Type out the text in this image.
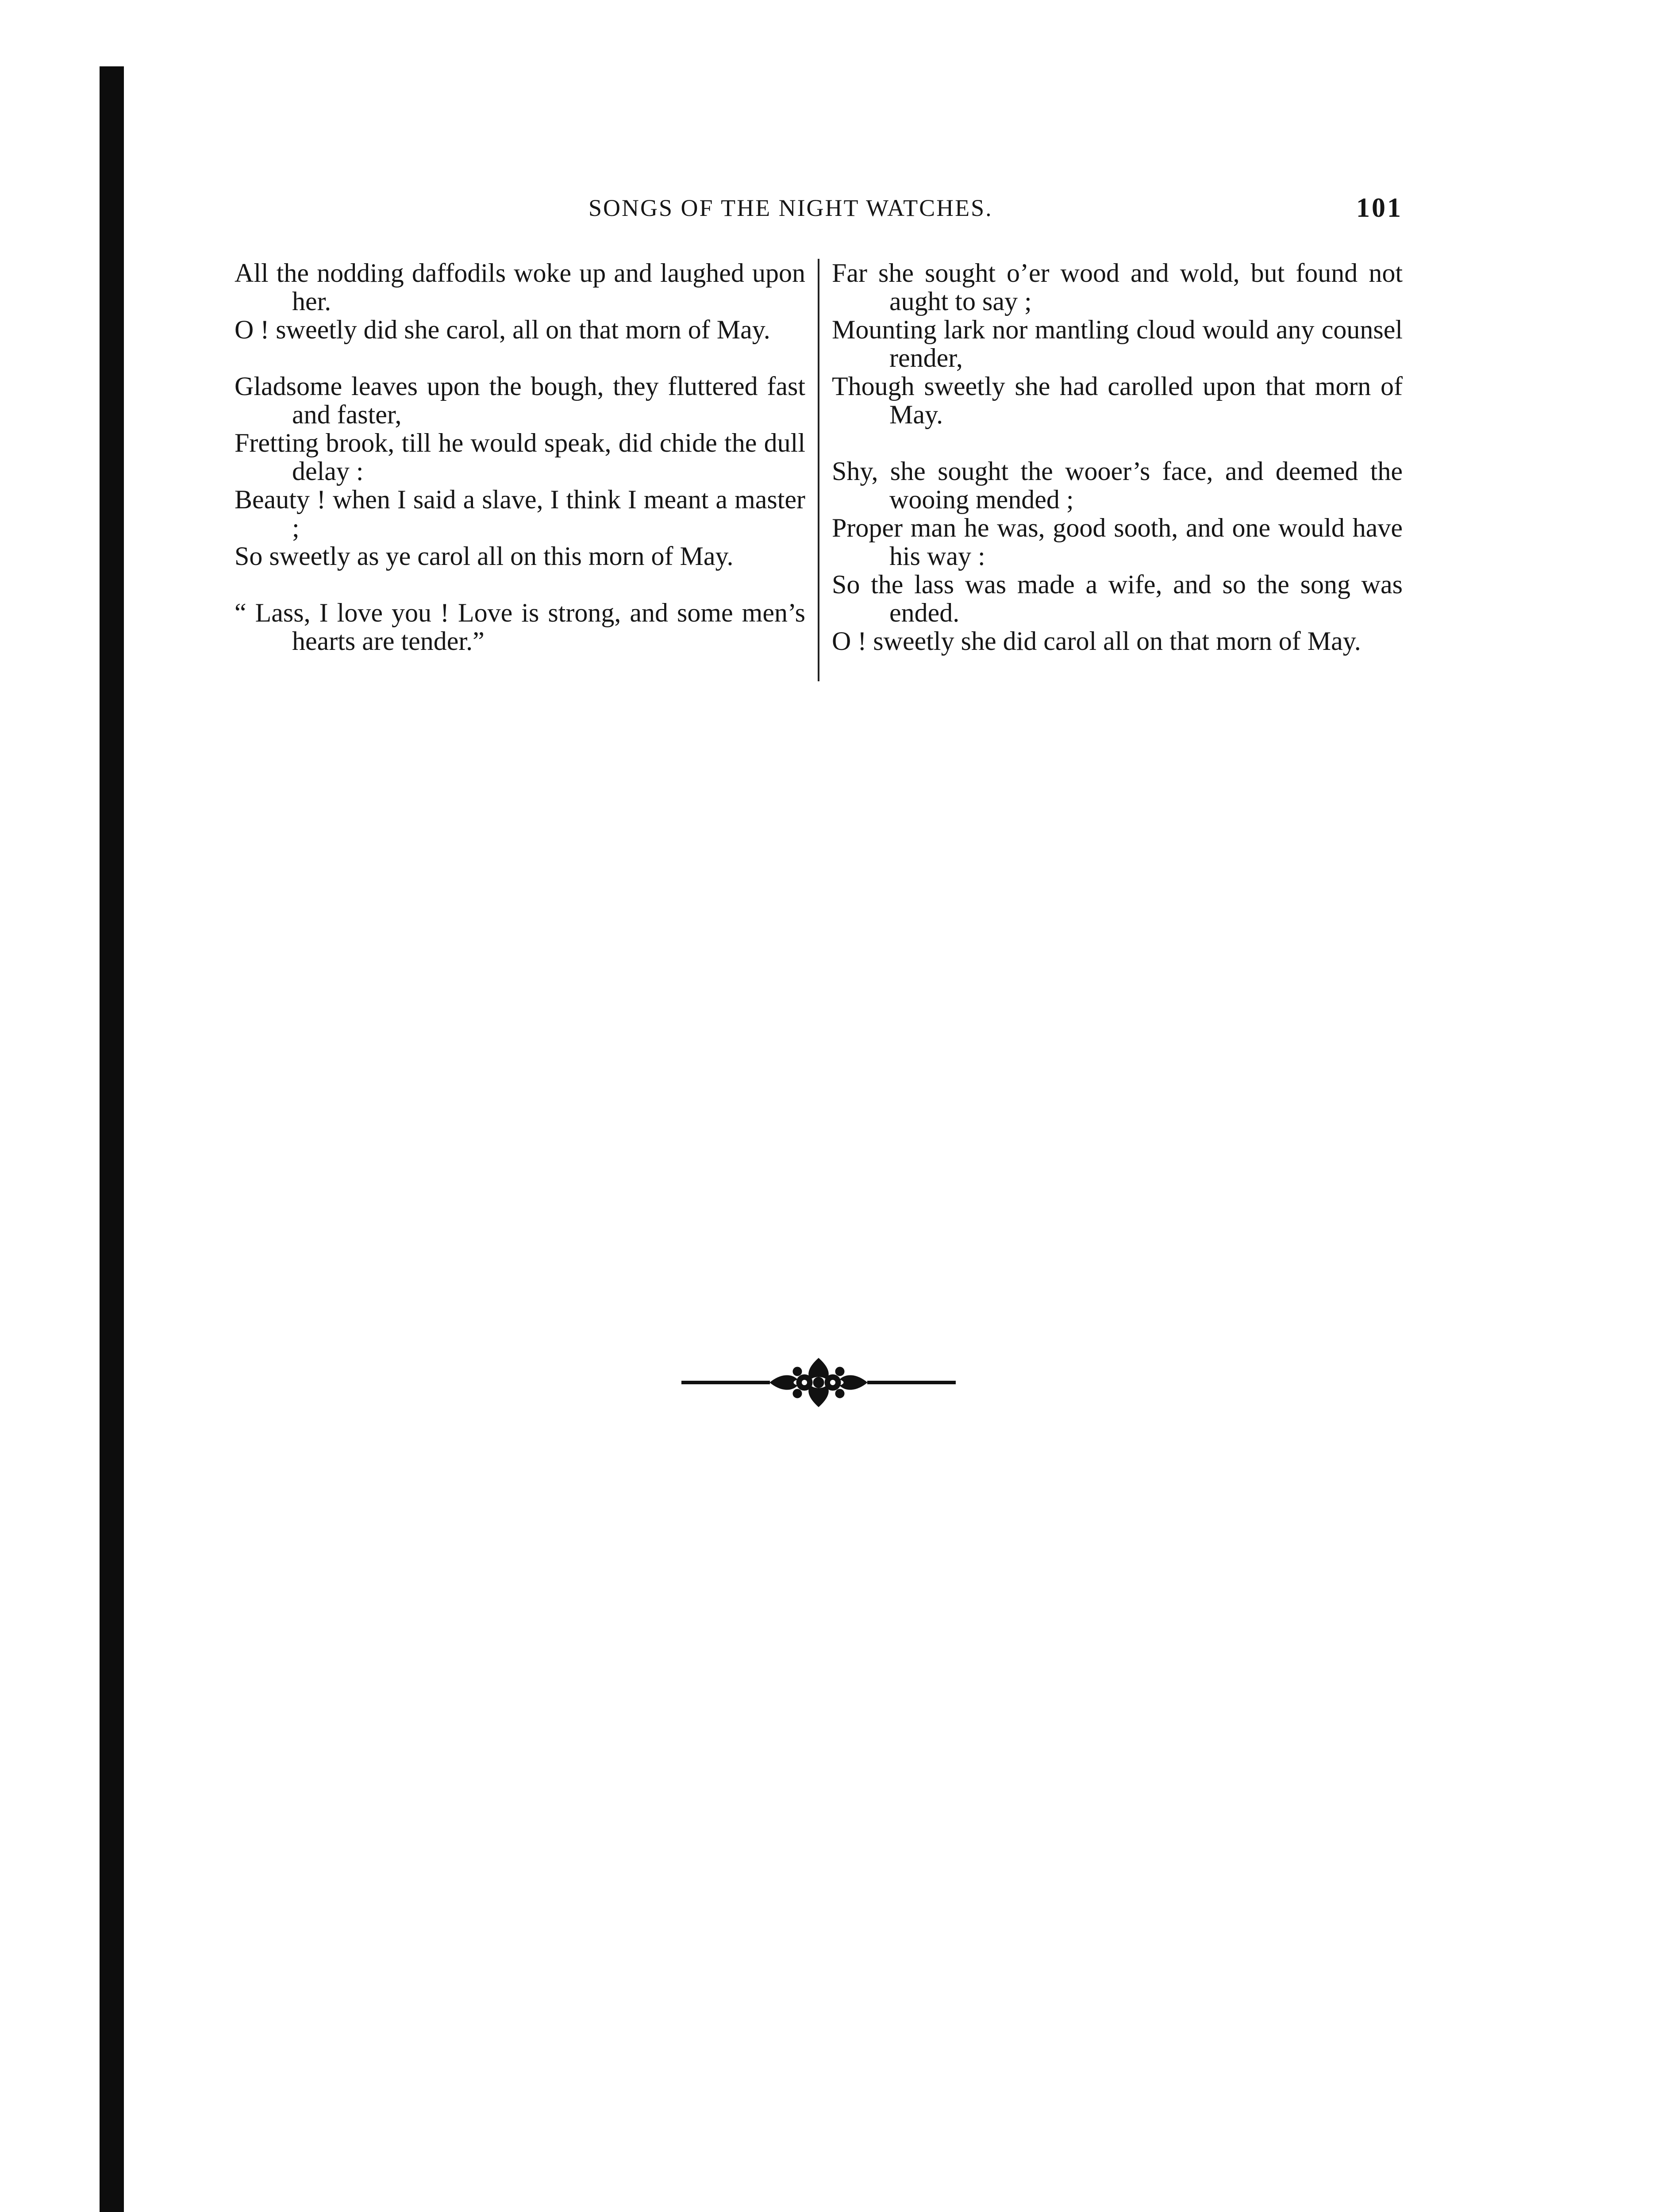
SONGS OF THE NIGHT WATCHES.	101
All the nodding daffodils woke up and laughed upon her.
O ! sweetly did she carol, all on that morn of May.
Gladsome leaves upon the bough, they fluttered fast and faster,
Fretting brook, till he would speak, did chide the dull delay :
Beauty ! when I said a slave, I think I meant a master ;
So sweetly as ye carol all on this morn of May.
“ Lass, I love you ! Love is strong, and some men’s hearts are tender.”
Far she sought o’er wood and wold, but found not aught to say ;
Mounting lark nor mantling cloud would any counsel render,
Though sweetly she had carolled upon that morn of May.
Shy, she sought the wooer’s face, and deemed the wooing mended ;
Proper man he was, good sooth, and one would have his way :
So the lass was made a wife, and so the song was ended.
O ! sweetly she did carol all on that morn of May.
